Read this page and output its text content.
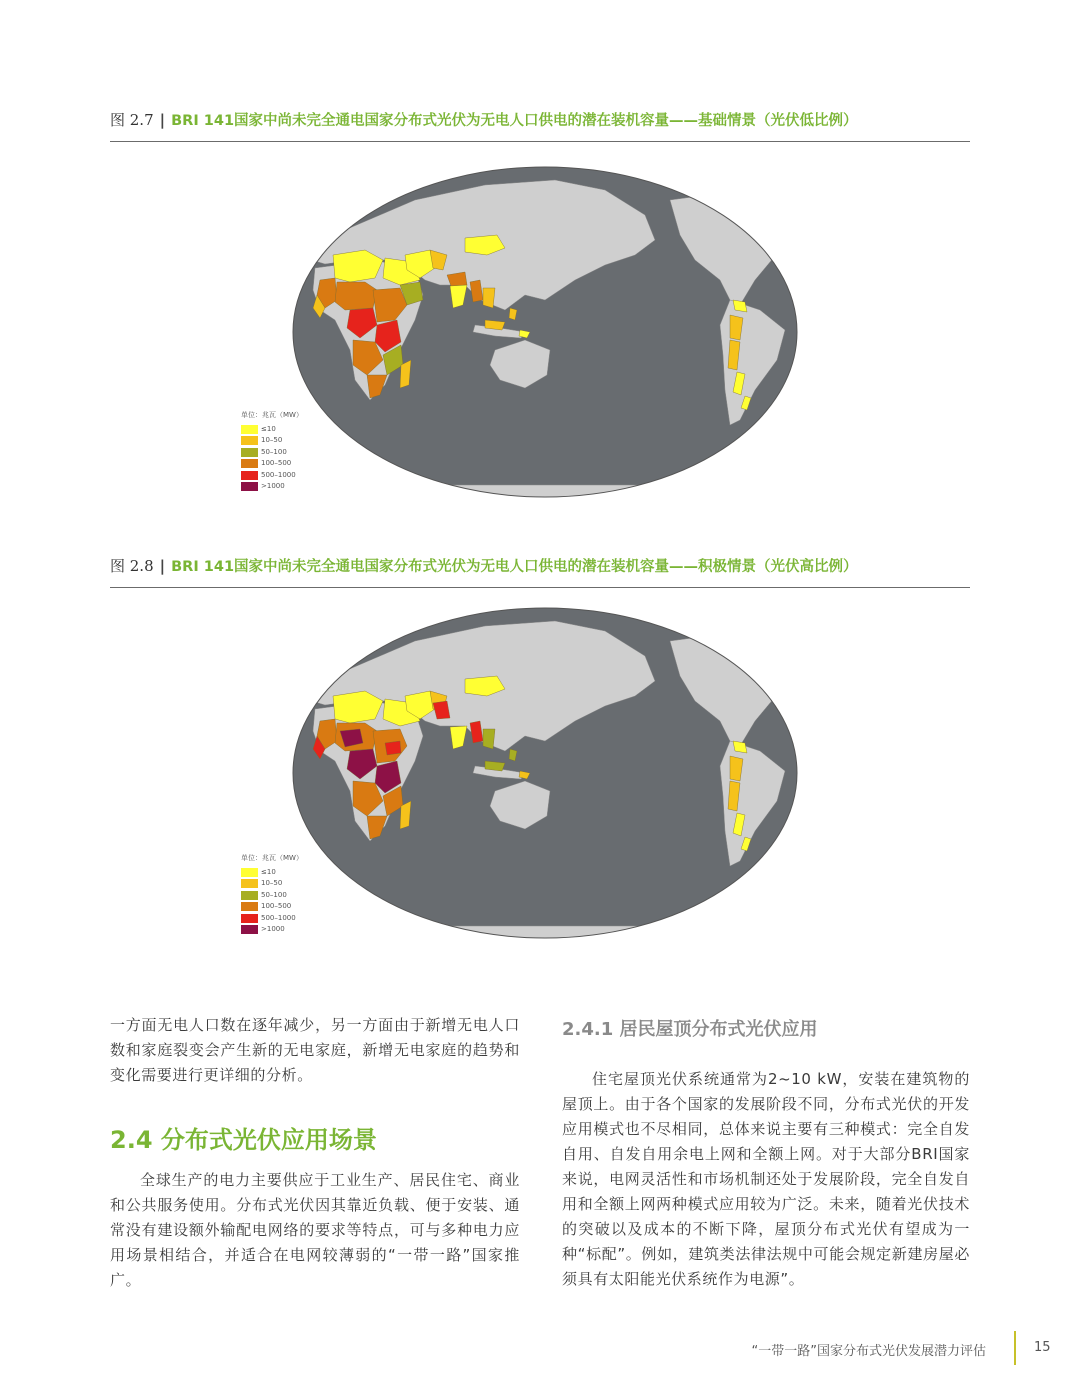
图 2.7 | BRI 141国家中尚未完全通电国家分布式光伏为无电人口供电的潜在装机容量——基础情景（光伏低比例）
单位：兆瓦（MW）
≤10
10–50
50–100
100–500
500–1000
>1000
图 2.8 | BRI 141国家中尚未完全通电国家分布式光伏为无电人口供电的潜在装机容量——积极情景（光伏高比例）
单位：兆瓦（MW）
≤10
10–50
50–100
100–500
500–1000
>1000
一方面无电人口数在逐年减少，另一方面由于新增无电人口数和家庭裂变会产生新的无电家庭，新增无电家庭的趋势和变化需要进行更详细的分析。
2.4 分布式光伏应用场景
全球生产的电力主要供应于工业生产、居民住宅、商业和公共服务使用。分布式光伏因其靠近负载、便于安装、通常没有建设额外输配电网络的要求等特点，可与多种电力应用场景相结合，并适合在电网较薄弱的“一带一路”国家推广。
2.4.1 居民屋顶分布式光伏应用
住宅屋顶光伏系统通常为2~10 kW，安装在建筑物的屋顶上。由于各个国家的发展阶段不同，分布式光伏的开发应用模式也不尽相同，总体来说主要有三种模式：完全自发自用、自发自用余电上网和全额上网。对于大部分BRI国家来说，电网灵活性和市场机制还处于发展阶段，完全自发自用和全额上网两种模式应用较为广泛。未来，随着光伏技术的突破以及成本的不断下降，屋顶分布式光伏有望成为一种“标配”。例如，建筑类法律法规中可能会规定新建房屋必须具有太阳能光伏系统作为电源”。
“一带一路”国家分布式光伏发展潜力评估	15
